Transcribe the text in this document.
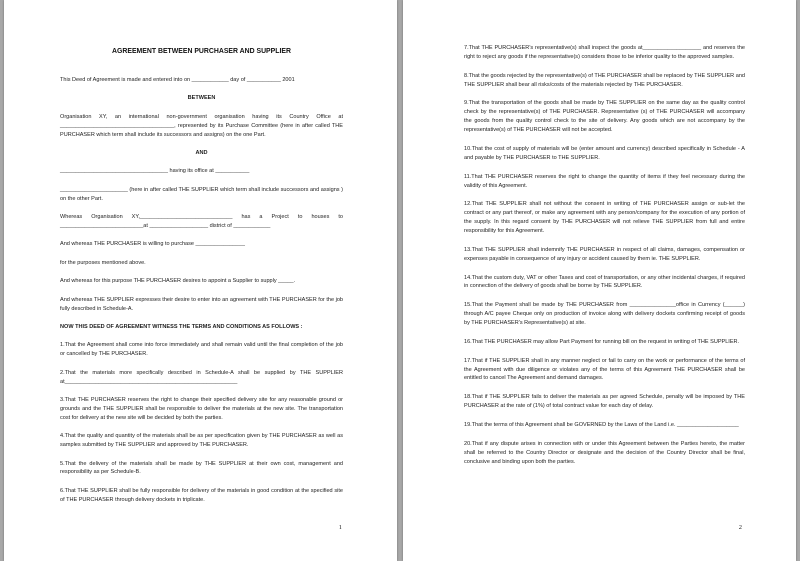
AGREEMENT BETWEEN PURCHASER AND SUPPLIER

This Deed of Agreement is made and entered into on ____________ day of ___________ 2001

BETWEEN

Organisation XY, an international non-government organisation having its Country Office at _____________________________________, represented by its Purchase Committee (here in after called THE PURCHASER which term shall include its successors and assigns) on the one Part.

AND

___________________________________ having its office at ___________

______________________ (here in after called THE SUPPLIER which term shall include successors and assigns ) on the other Part.

Whereas Organisation XY,______________________________ has a Project to houses to ___________________________at ___________________ district of ____________

And whereas THE PURCHASER is willing to purchase ________________

for the purposes mentioned above.

And whereas for this purpose THE PURCHASER desires to appoint a Supplier to supply _____.

And whereas THE SUPPLIER expresses their desire to enter into an agreement with THE PURCHASER for the job fully described in Schedule-A.

NOW THIS DEED OF AGREEMENT WITNESS THE TERMS AND CONDITIONS AS FOLLOWS :

1.That the Agreement shall come into force immediately and shall remain valid until the final completion of the job or cancelled by THE PURCHASER.

2.That the materials more specifically described in Schedule-A shall be supplied by THE SUPPLIER at________________________________________________________

3.That THE PURCHASER reserves the right to change their specified delivery site for any reasonable ground or grounds and the THE SUPPLIER shall be responsible to deliver the materials at the new site. The transportation cost for delivery at the new site will be decided by both the parties.

4.That the quality and quantity of the materials shall be as per specification given by THE PURCHASER as well as samples submitted by THE SUPPLIER and approved by THE PURCHASER.

5.That the delivery of the materials shall be made by THE SUPPLIER at their own cost, management and responsibility as per Schedule-B.

6.That THE SUPPLIER shall be fully responsible for delivery of the materials in good condition at the specified site of THE PURCHASER through delivery dockets in triplicate.

1

7.That THE PURCHASER's representative(s) shall inspect the goods at___________________ and reserves the right to reject any goods if the representative(s) considers those to be inferior quality to the approved samples.

8.That the goods rejected by the representative(s) of THE PURCHASER shall be replaced by THE SUPPLIER and THE SUPPLIER shall bear all risks/costs of the materials rejected by THE PURCHASER.

9.That the transportation of the goods shall be made by THE SUPPLIER on the same day as the quality control check by the representative(s) of THE PURCHASER. Representative (s) of THE PURCHASER will accompany the goods from the quality control check to the site of delivery. Any goods which are not accompany by the representative(s) of THE PURCHASER will not be accepted.

10.That the cost of supply of materials will be (enter amount and currency) described specifically in Schedule - A and payable by THE PURCHASER to THE SUPPLIER.

11.That THE PURCHASER reserves the right to change the quantity of items if they feel necessary during the validity of this Agreement.

12.That THE SUPPLIER shall not without the consent in writing of THE PURCHASER assign or sub-let the contract or any part thereof, or make any agreement with any person/company for the execution of any portion of the supply. In this regard consent by THE PURCHASER will not relieve THE SUPPLIER from full and entire responsibility for this Agreement.

13.That THE SUPPLIER shall indemnify THE PURCHASER in respect of all claims, damages, compensation or expenses payable in consequence of any injury or accident caused by them ie. THE SUPPLIER.

14.That the custom duty, VAT or other Taxes and cost of transportation, or any other incidental charges, if required in connection of the delivery of goods shall be borne by THE SUPPLIER.

15.That the Payment shall be made by THE PURCHASER from _______________office in Currency (______) through A/C payee Cheque only on production of invoice along with delivery dockets confirming receipt of goods by THE PURCHASER's Representative(s) at site.

16.That THE PURCHASER may allow Part Payment for running bill on the request in writing of THE SUPPLIER.

17.That if THE SUPPLIER shall in any manner neglect or fail to carry on the work or performance of the terms of the Agreement with due diligence or violates any of the terms of this Agreement THE PURCHASER shall be entitled to cancel The Agreement and demand damages.

18.That if THE SUPPLIER fails to deliver the materials as per agreed Schedule, penalty will be imposed by THE PURCHASER at the rate of (1%) of total contract value for each day of delay.

19.That the terms of this Agreement shall be GOVERNED by the Laws of the Land i.e. ____________________

20.That if any dispute arises in connection with or under this Agreement between the Parties hereto, the matter shall be referred to the Country Director or designate and the decision of the Country Director shall be final, conclusive and binding upon both the parties.

2
